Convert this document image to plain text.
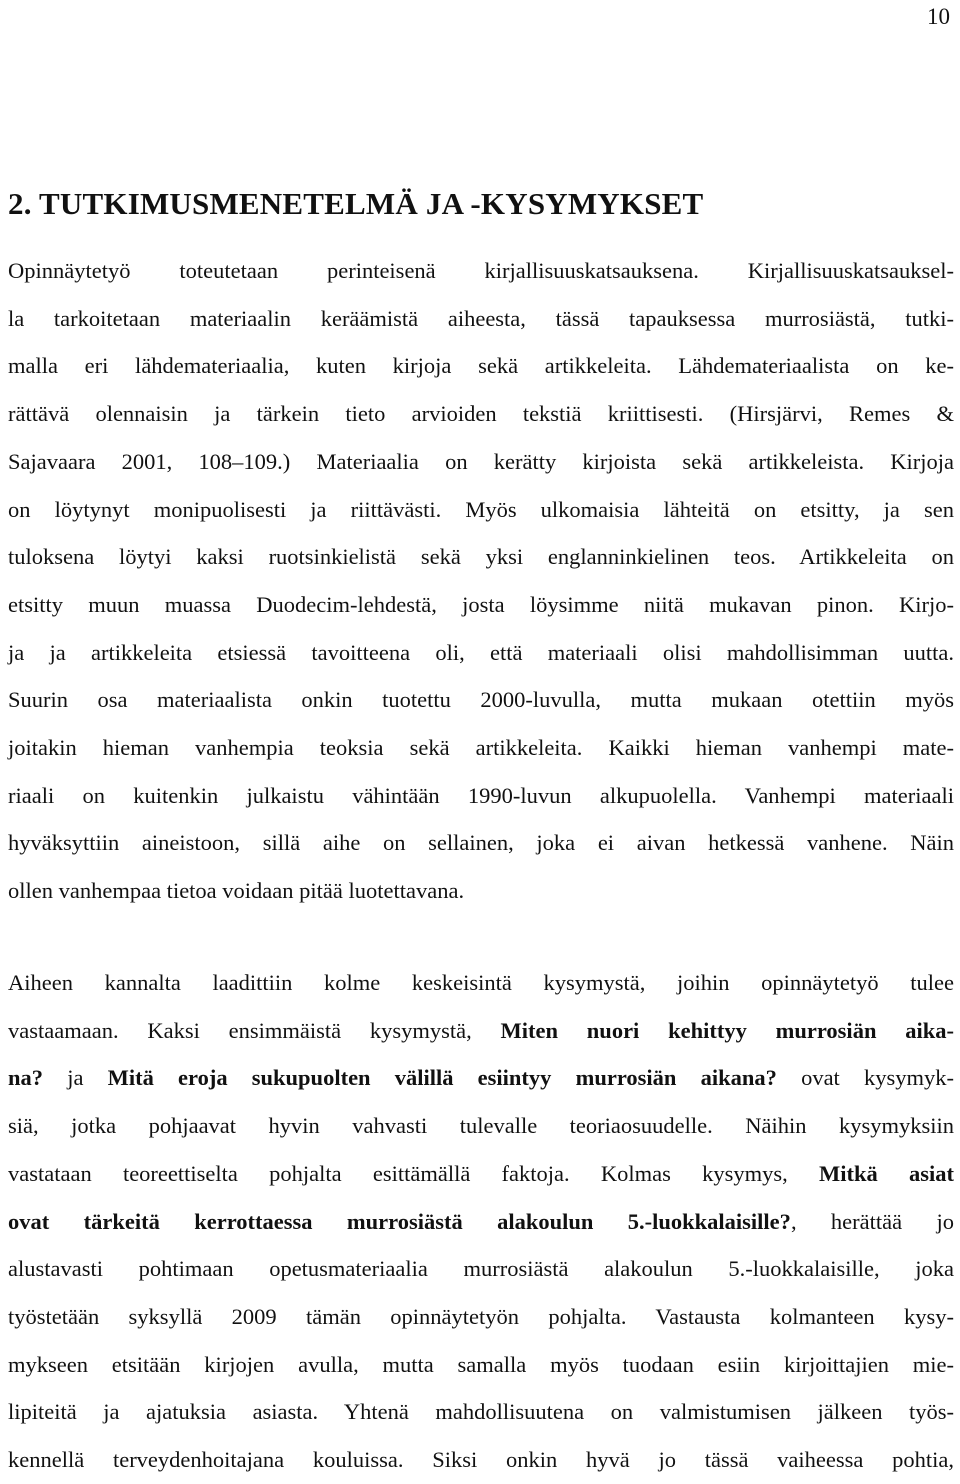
10
2. TUTKIMUSMENETELMÄ JA -KYSYMYKSET
Opinnäytetyö toteutetaan perinteisenä kirjallisuuskatsauksena. Kirjallisuuskatsauksel-
la tarkoitetaan materiaalin keräämistä aiheesta, tässä tapauksessa murrosiästä, tutki-
malla eri lähdemateriaalia, kuten kirjoja sekä artikkeleita. Lähdemateriaalista on ke-
rättävä olennaisin ja tärkein tieto arvioiden tekstiä kriittisesti. (Hirsjärvi, Remes &
Sajavaara 2001, 108–109.) Materiaalia on kerätty kirjoista sekä artikkeleista. Kirjoja
on löytynyt monipuolisesti ja riittävästi. Myös ulkomaisia lähteitä on etsitty, ja sen
tuloksena löytyi kaksi ruotsinkielistä sekä yksi englanninkielinen teos. Artikkeleita on
etsitty muun muassa Duodecim-lehdestä, josta löysimme niitä mukavan pinon. Kirjo-
ja ja artikkeleita etsiessä tavoitteena oli, että materiaali olisi mahdollisimman uutta.
Suurin osa materiaalista onkin tuotettu 2000-luvulla, mutta mukaan otettiin myös
joitakin hieman vanhempia teoksia sekä artikkeleita. Kaikki hieman vanhempi mate-
riaali on kuitenkin julkaistu vähintään 1990-luvun alkupuolella. Vanhempi materiaali
hyväksyttiin aineistoon, sillä aihe on sellainen, joka ei aivan hetkessä vanhene. Näin
ollen vanhempaa tietoa voidaan pitää luotettavana.
Aiheen kannalta laadittiin kolme keskeisintä kysymystä, joihin opinnäytetyö tulee
vastaamaan. Kaksi ensimmäistä kysymystä, Miten nuori kehittyy murrosiän aika-
na? ja Mitä eroja sukupuolten välillä esiintyy murrosiän aikana? ovat kysymyk-
siä, jotka pohjaavat hyvin vahvasti tulevalle teoriaosuudelle. Näihin kysymyksiin
vastataan teoreettiselta pohjalta esittämällä faktoja. Kolmas kysymys, Mitkä asiat
ovat tärkeitä kerrottaessa murrosiästä alakoulun 5.-luokkalaisille?, herättää jo
alustavasti pohtimaan opetusmateriaalia murrosiästä alakoulun 5.-luokkalaisille, joka
työstetään syksyllä 2009 tämän opinnäytetyön pohjalta. Vastausta kolmanteen kysy-
mykseen etsitään kirjojen avulla, mutta samalla myös tuodaan esiin kirjoittajien mie-
lipiteitä ja ajatuksia asiasta. Yhtenä mahdollisuutena on valmistumisen jälkeen työs-
kennellä terveydenhoitajana kouluissa. Siksi onkin hyvä jo tässä vaiheessa pohtia,
